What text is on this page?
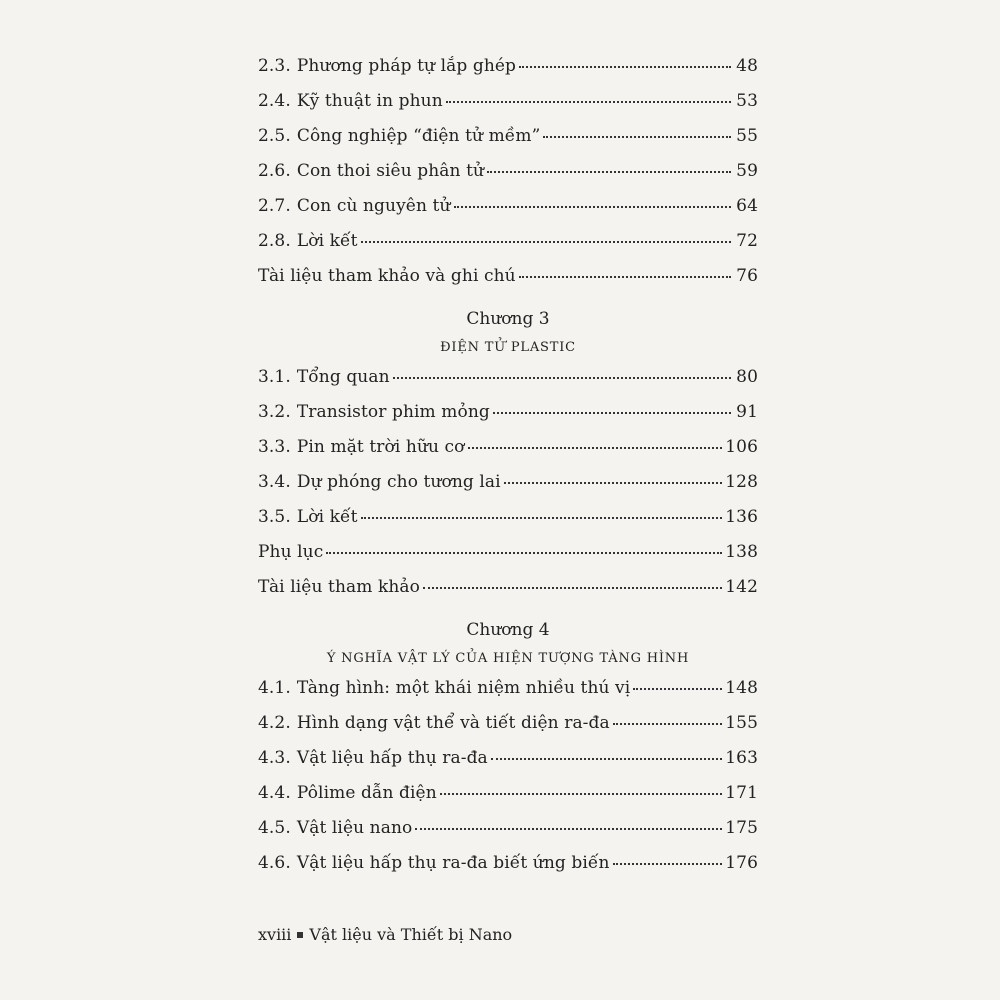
2.3. Phương pháp tự lắp ghép	48
2.4. Kỹ thuật in phun	53
2.5. Công nghiệp “điện tử mềm”	55
2.6. Con thoi siêu phân tử	59
2.7. Con cù nguyên tử	64
2.8. Lời kết	72
Tài liệu tham khảo và ghi chú	76
Chương 3
ĐIỆN TỬ PLASTIC
3.1. Tổng quan	80
3.2. Transistor phim mỏng	91
3.3. Pin mặt trời hữu cơ	106
3.4. Dự phóng cho tương lai	128
3.5. Lời kết	136
Phụ lục	138
Tài liệu tham khảo	142
Chương 4
Ý NGHĨA VẬT LÝ CỦA HIỆN TƯỢNG TÀNG HÌNH
4.1. Tàng hình: một khái niệm nhiều thú vị	148
4.2. Hình dạng vật thể và tiết diện ra-đa	155
4.3. Vật liệu hấp thụ ra-đa	163
4.4. Pôlime dẫn điện	171
4.5. Vật liệu nano	175
4.6. Vật liệu hấp thụ ra-đa biết ứng biến	176
xviii Vật liệu và Thiết bị Nano
